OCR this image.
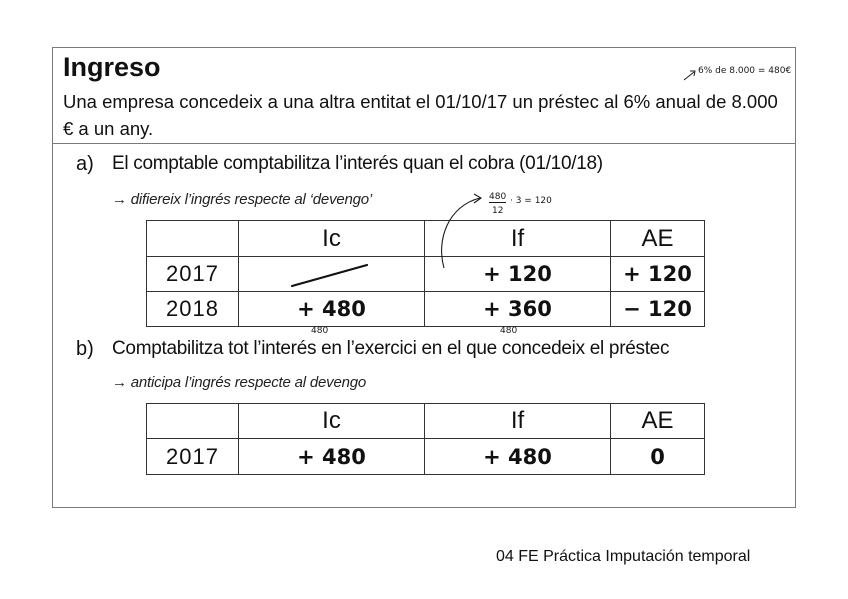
Ingreso	6% de 8.000 = 480€
Una empresa concedeix a una altra entitat el 01/10/17 un préstec al 6% anual de 8.000 € a un any.
a) El comptable comptabilitza l’interés quan el cobra (01/10/18)
→ difiereix l’ingrés respecte al ‘devengo’	480
12
· 3 = 120
	Ic	If	AE
2017		+ 120	+ 120
2018	+ 480	+ 360	− 120
480	480
b) Comptabilitza tot l’interés en l’exercici en el que concedeix el préstec
→ anticipa l’ingrés respecte al devengo
	Ic	If	AE
2017	+ 480	+ 480	0
04 FE Práctica Imputación temporal
